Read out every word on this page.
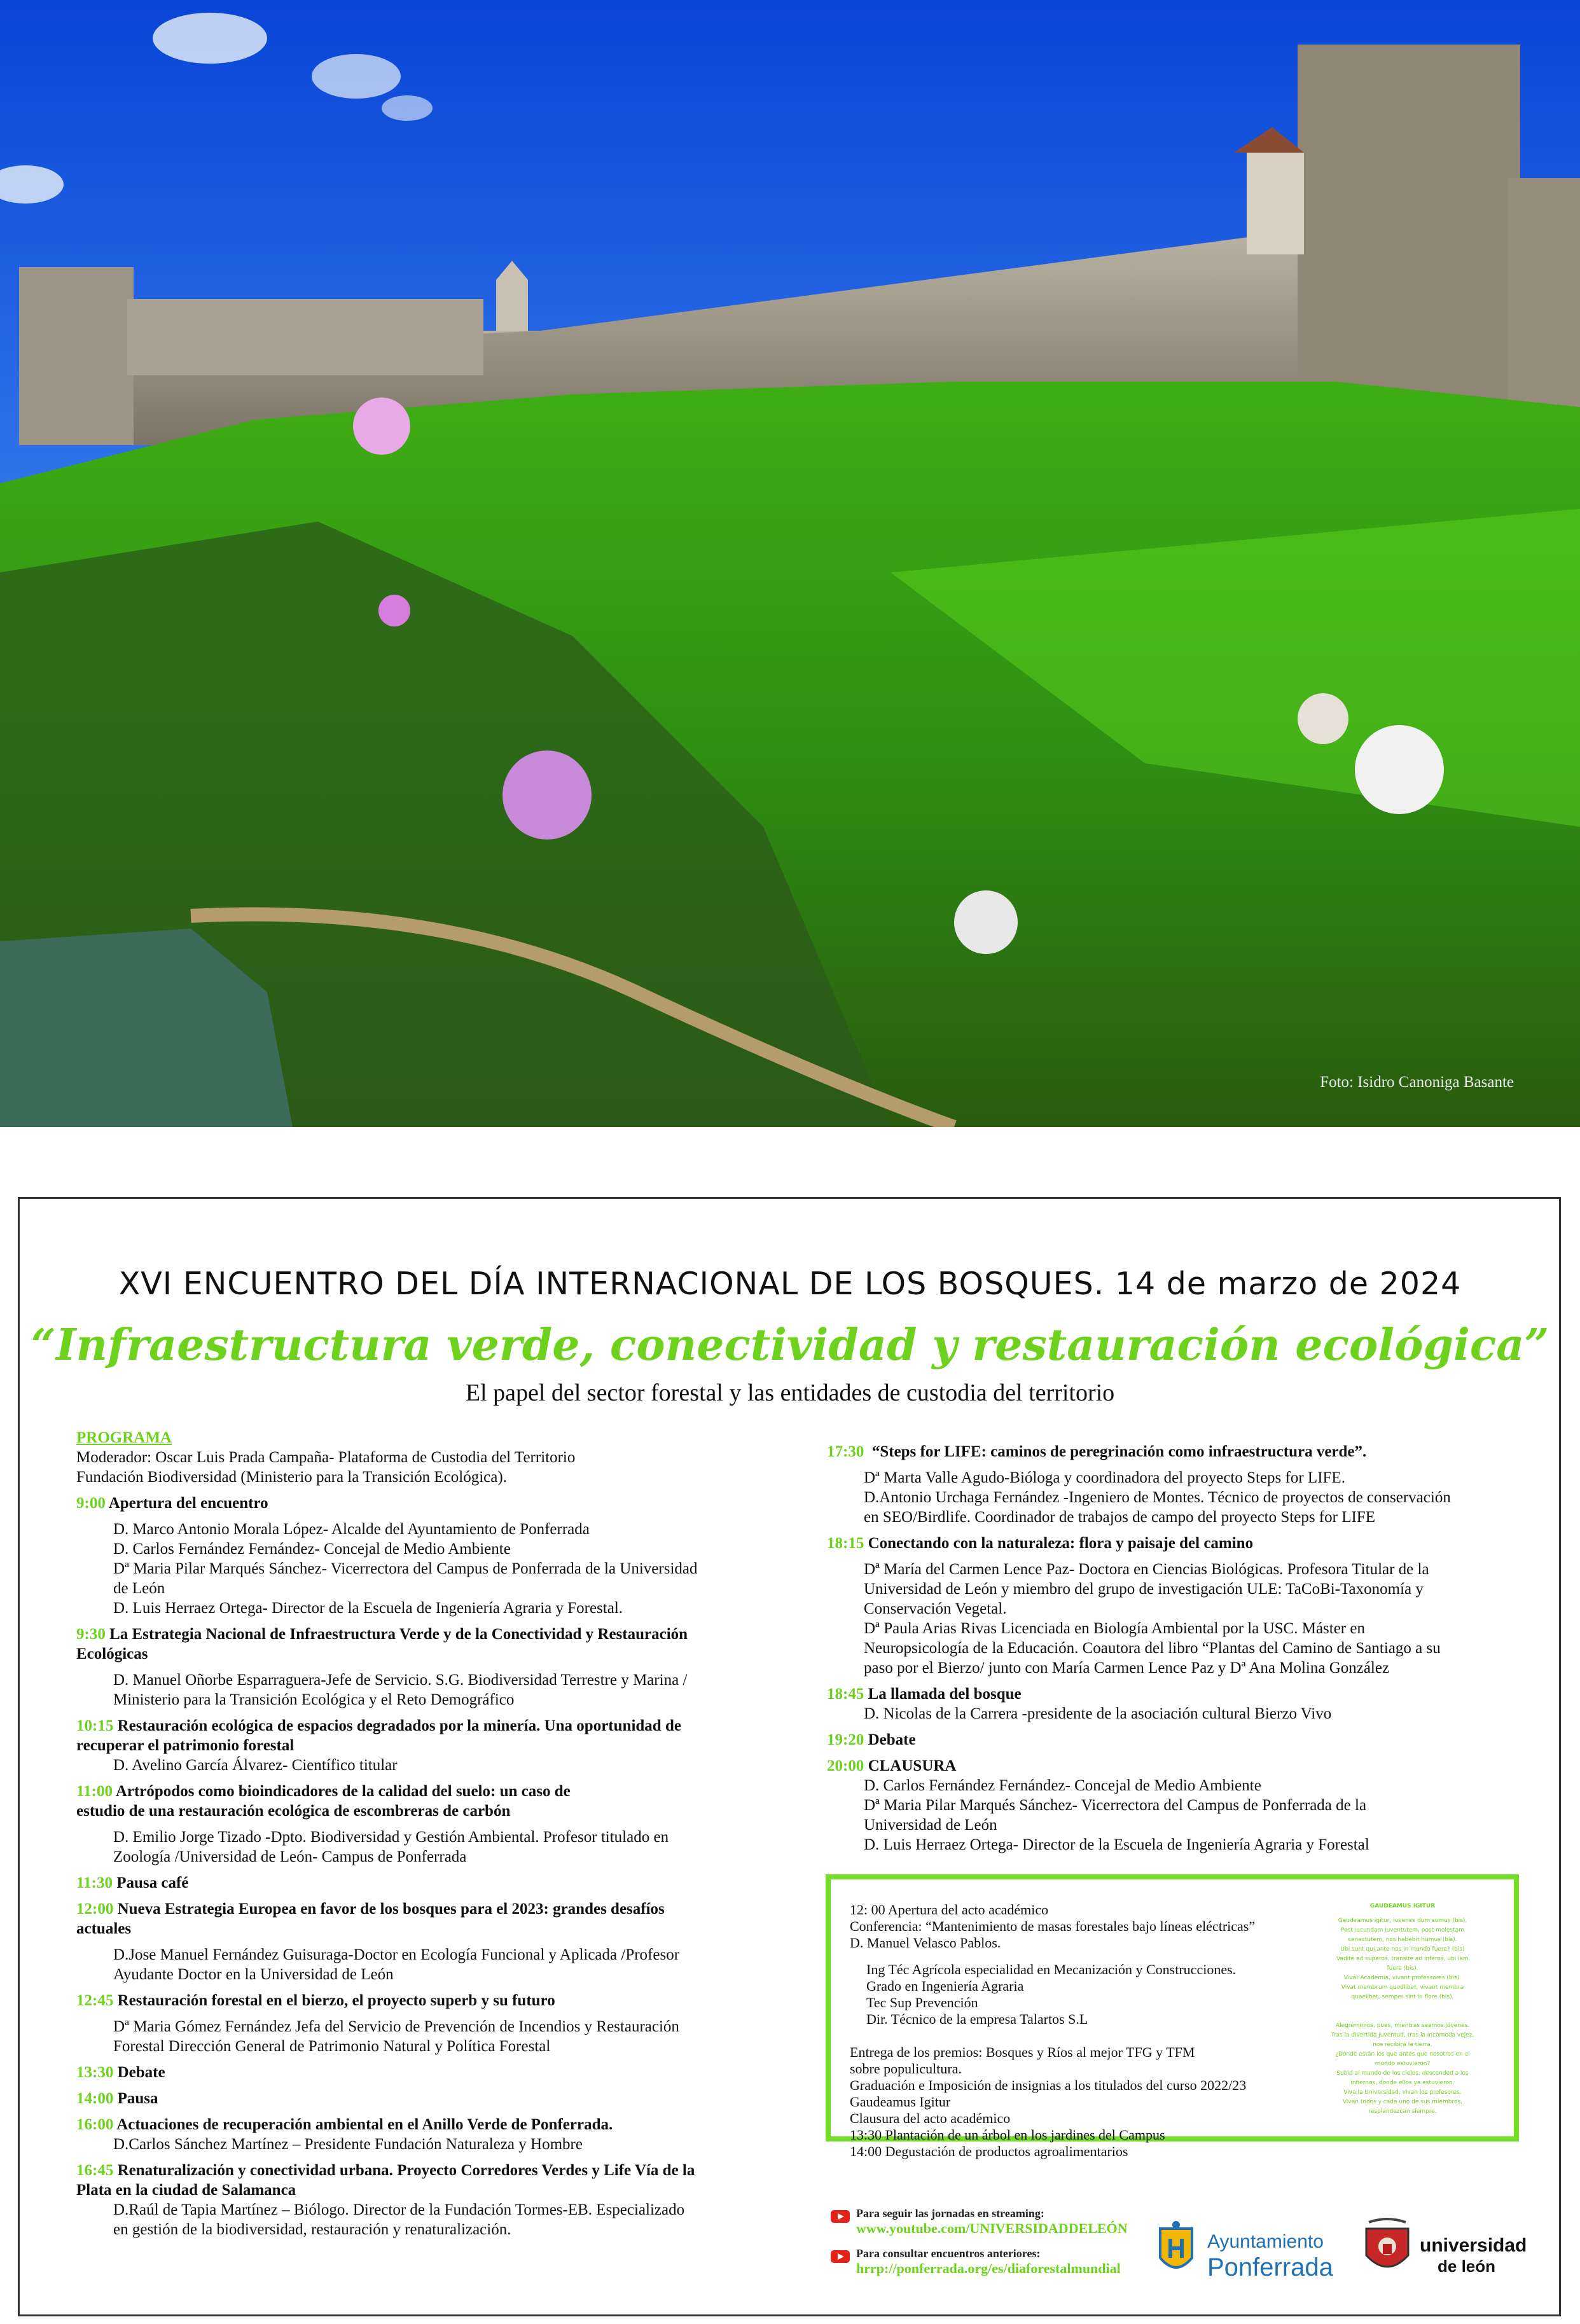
Foto: Isidro Canoniga Basante
XVI ENCUENTRO DEL DÍA INTERNACIONAL DE LOS BOSQUES. 14 de marzo de 2024
“Infraestructura verde, conectividad y restauración ecológica”
El papel del sector forestal y las entidades de custodia del territorio

PROGRAMA

Moderador: Oscar Luis Prada Campaña- Plataforma de Custodia del Territorio

Fundación Biodiversidad (Ministerio para la Transición Ecológica).

9:00 Apertura del encuentro

D. Marco Antonio Morala López- Alcalde del Ayuntamiento de Ponferrada

D. Carlos Fernández Fernández- Concejal de Medio Ambiente

Dª Maria Pilar Marqués Sánchez- Vicerrectora del Campus de Ponferrada de la Universidad

de León

D. Luis Herraez Ortega- Director de la Escuela de Ingeniería Agraria y Forestal.

9:30 La Estrategia Nacional de Infraestructura Verde y de la Conectividad y Restauración

Ecológicas

D. Manuel Oñorbe Esparraguera-Jefe de Servicio. S.G. Biodiversidad Terrestre y Marina /

Ministerio para la Transición Ecológica y el Reto Demográfico

10:15 Restauración ecológica de espacios degradados por la minería. Una oportunidad de

recuperar el patrimonio forestal

D. Avelino García Álvarez- Científico titular

11:00 Artrópodos como bioindicadores de la calidad del suelo: un caso de

estudio de una restauración ecológica de escombreras de carbón

D. Emilio Jorge Tizado -Dpto. Biodiversidad y Gestión Ambiental. Profesor titulado en

Zoología /Universidad de León- Campus de Ponferrada

11:30 Pausa café

12:00 Nueva Estrategia Europea en favor de los bosques para el 2023: grandes desafíos

actuales

D.Jose Manuel Fernández Guisuraga-Doctor en Ecología Funcional y Aplicada /Profesor

Ayudante Doctor en la Universidad de León

12:45 Restauración forestal en el bierzo, el proyecto superb y su futuro

Dª Maria Gómez Fernández Jefa del Servicio de Prevención de Incendios y Restauración

Forestal Dirección General de Patrimonio Natural y Política Forestal

13:30 Debate

14:00 Pausa

16:00 Actuaciones de recuperación ambiental en el Anillo Verde de Ponferrada.

D.Carlos Sánchez Martínez – Presidente Fundación Naturaleza y Hombre

16:45 Renaturalización y conectividad urbana. Proyecto Corredores Verdes y Life Vía de la

Plata en la ciudad de Salamanca

D.Raúl de Tapia Martínez – Biólogo. Director de la Fundación Tormes-EB. Especializado

en gestión de la biodiversidad, restauración y renaturalización.

17:30 “Steps for LIFE: caminos de peregrinación como infraestructura verde”.

Dª Marta Valle Agudo-Bióloga y coordinadora del proyecto Steps for LIFE.

D.Antonio Urchaga Fernández -Ingeniero de Montes. Técnico de proyectos de conservación

en SEO/Birdlife. Coordinador de trabajos de campo del proyecto Steps for LIFE

18:15 Conectando con la naturaleza: flora y paisaje del camino

Dª María del Carmen Lence Paz- Doctora en Ciencias Biológicas. Profesora Titular de la

Universidad de León y miembro del grupo de investigación ULE: TaCoBi-Taxonomía y

Conservación Vegetal.

Dª Paula Arias Rivas Licenciada en Biología Ambiental por la USC. Máster en

Neuropsicología de la Educación. Coautora del libro “Plantas del Camino de Santiago a su

paso por el Bierzo/ junto con María Carmen Lence Paz y Dª Ana Molina González

18:45 La llamada del bosque

D. Nicolas de la Carrera -presidente de la asociación cultural Bierzo Vivo

19:20 Debate

20:00 CLAUSURA

D. Carlos Fernández Fernández- Concejal de Medio Ambiente

Dª Maria Pilar Marqués Sánchez- Vicerrectora del Campus de Ponferrada de la

Universidad de León

D. Luis Herraez Ortega- Director de la Escuela de Ingeniería Agraria y Forestal

12: 00 Apertura del acto académico

Conferencia: “Mantenimiento de masas forestales bajo líneas eléctricas”

D. Manuel Velasco Pablos.

Ing Téc Agrícola especialidad en Mecanización y Construcciones.

Grado en Ingeniería Agraria

Tec Sup Prevención

Dir. Técnico de la empresa Talartos S.L

Entrega de los premios: Bosques y Ríos al mejor TFG y TFM

sobre populicultura.

Graduación e Imposición de insignias a los titulados del curso 2022/23

Gaudeamus Igitur

Clausura del acto académico

13:30 Plantación de un árbol en los jardines del Campus

14:00 Degustación de productos agroalimentarios

GAUDEAMUS IGITUR

Gaudeamus igitur, iuvenes dum sumus (bis).

Post iucundam iuventutem, post molestam

senectutem, nos habebit humus (bis).

Ubi sunt qui ante nos in mundo fuere? (bis)

Vadite ad superos, transite ad inferos, ubi iam

fuere (bis).

Vivat Academia, vivant professores (bis).

Vivat membrum quodlibet, vivant membra

quaelibet, semper sint in flore (bis).

Alegrémonos, pues, mientras seamos jóvenes.

Tras la divertida juventud, tras la incómoda vejez,

nos recibirá la tierra.

¿Dónde están los que antes que nosotros en el

mundo estuvieron?

Subid al mundo de los cielos, descended a los

infiernos, donde ellos ya estuvieron.

Viva la Universidad, vivan los profesores.

Vivan todos y cada uno de sus miembros,

resplandezcan siempre.

Para seguir las jornadas en streaming:
www.youtube.com/UNIVERSIDADDELEÓN
Para consultar encuentros anteriores:
hrrp://ponferrada.org/es/diaforestalmundial
Ayuntamiento
Ponferrada
universidad
de león
